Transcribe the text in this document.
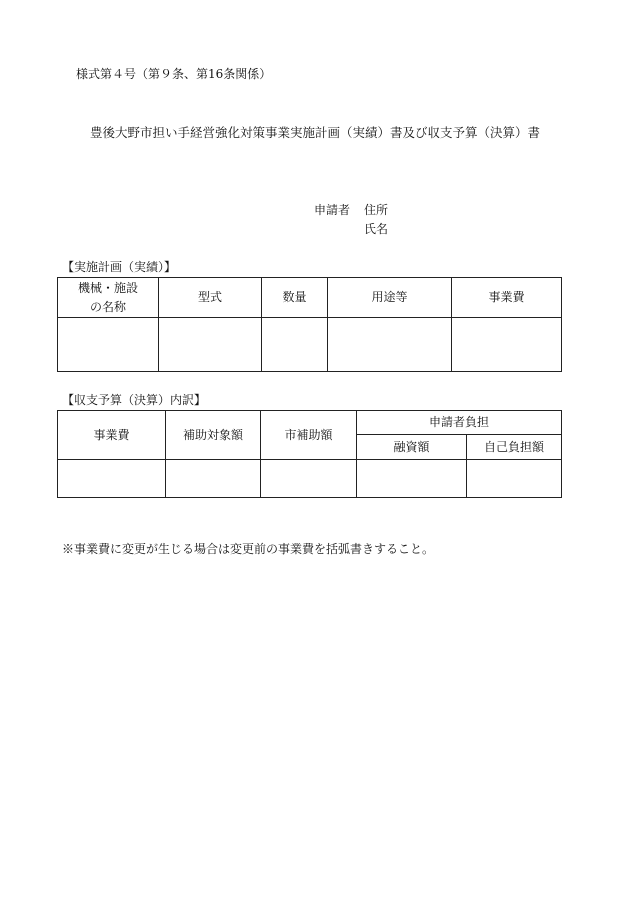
様式第４号（第９条、第16条関係）
豊後大野市担い手経営強化対策事業実施計画（実績）書及び収支予算（決算）書
申請者 住所
氏名
【実施計画（実績）】
機械・施設の名称	型式	数量	用途等	事業費

【収支予算（決算）内訳】
事業費	補助対象額	市補助額	申請者負担	
			融資額	自己負担額

※事業費に変更が生じる場合は変更前の事業費を括弧書きすること。
